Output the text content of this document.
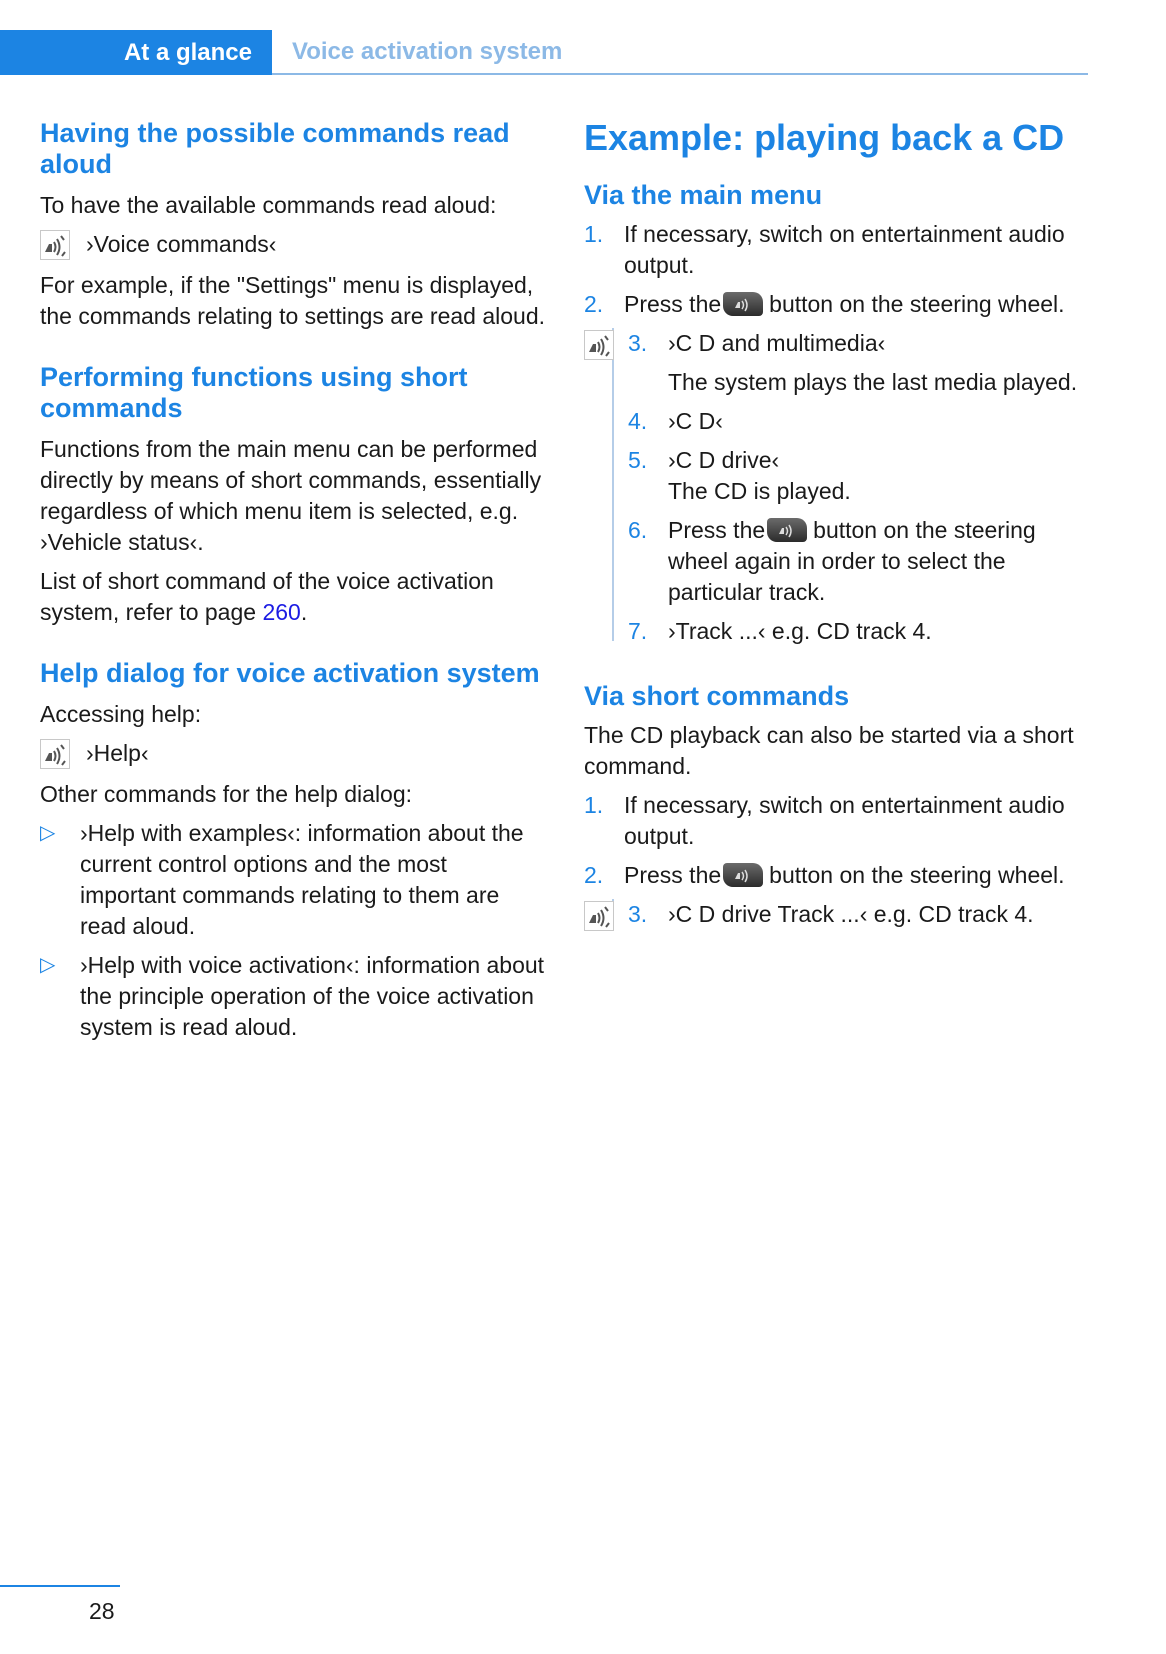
At a glance Voice activation system
Having the possible commands read aloud

To have the available commands read aloud:

›Voice commands‹

For example, if the "Settings" menu is displayed, the commands relating to settings are read aloud.

Performing functions using short commands

Functions from the main menu can be performed directly by means of short commands, essentially regardless of which menu item is selected, e.g. ›Vehicle status‹.

List of short command of the voice activation system, refer to page 260.

Help dialog for voice activation system

Accessing help:

›Help‹

Other commands for the help dialog:

▷	›Help with examples‹: information about the current control options and the most important commands relating to them are read aloud.
▷	›Help with voice activation‹: information about the principle operation of the voice activation system is read aloud.
Example: playing back a CD
Via the main menu
1. If necessary, switch on entertainment audio output.
2. Press the button on the steering wheel.
3. ›C D and multimedia‹

The system plays the last media played.

4. ›C D‹
5. ›C D drive‹

The CD is played.

6. Press the button on the steering wheel again in order to select the particular track.
7. ›Track ...‹ e.g. CD track 4.
Via short commands

The CD playback can also be started via a short command.

1. If necessary, switch on entertainment audio output.
2. Press the button on the steering wheel.
3. ›C D drive Track ...‹ e.g. CD track 4.
28
